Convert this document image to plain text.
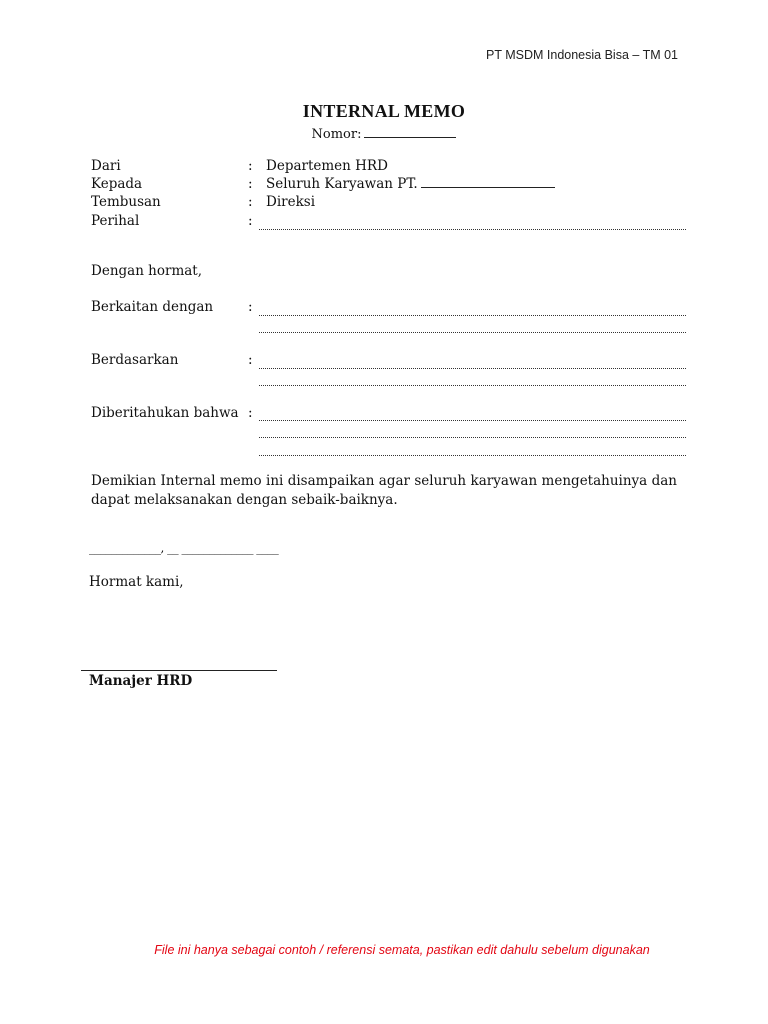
PT MSDM Indonesia Bisa – TM 01
INTERNAL MEMO
Nomor:
Dari	: Departemen HRD
Kepada	: Seluruh Karyawan PT.
Tembusan	: Direksi
Perihal	:
Dengan hormat,
Berkaitan dengan	:
Berdasarkan	:
Diberitahukan bahwa :
Demikian Internal memo ini disampaikan agar seluruh karyawan mengetahuinya dan dapat melaksanakan dengan sebaik-baiknya.
_____________, __ _____________ ____
Hormat kami,
Manajer HRD
File ini hanya sebagai contoh / referensi semata, pastikan edit dahulu sebelum digunakan
